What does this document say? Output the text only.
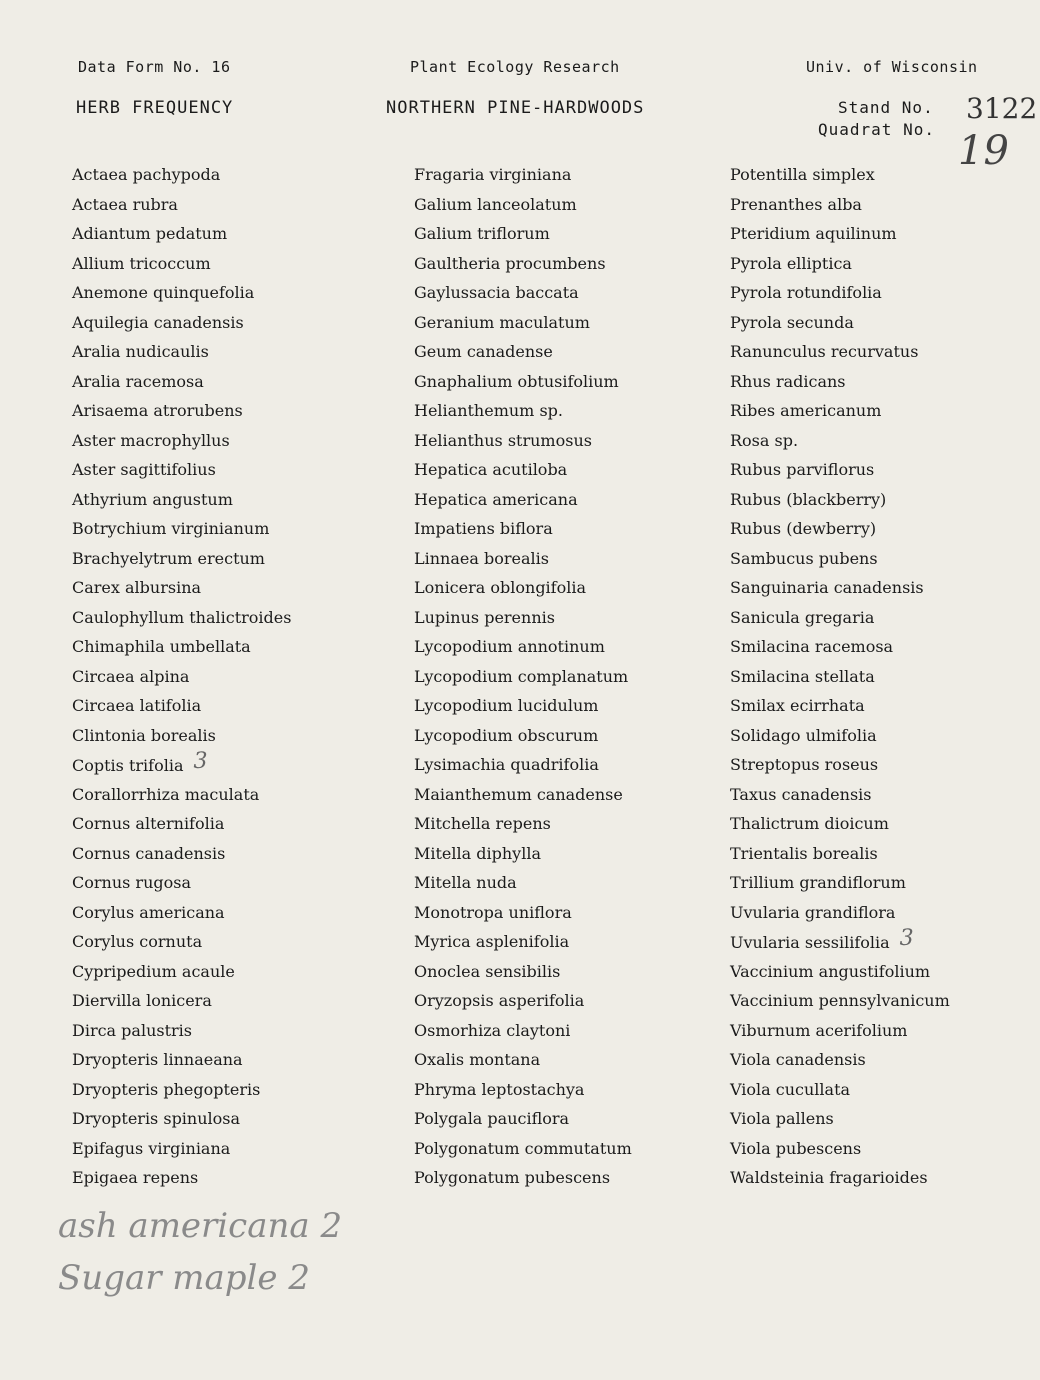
Data Form No. 16	Plant Ecology Research	Univ. of Wisconsin
HERB FREQUENCY	NORTHERN PINE-HARDWOODS	Stand No.
Quadrat No.
3122
19
Actaea pachypoda
Actaea rubra
Adiantum pedatum
Allium tricoccum
Anemone quinquefolia
Aquilegia canadensis
Aralia nudicaulis
Aralia racemosa
Arisaema atrorubens
Aster macrophyllus
Aster sagittifolius
Athyrium angustum
Botrychium virginianum
Brachyelytrum erectum
Carex albursina
Caulophyllum thalictroides
Chimaphila umbellata
Circaea alpina
Circaea latifolia
Clintonia borealis
Coptis trifolia 3
Corallorrhiza maculata
Cornus alternifolia
Cornus canadensis
Cornus rugosa
Corylus americana
Corylus cornuta
Cypripedium acaule
Diervilla lonicera
Dirca palustris
Dryopteris linnaeana
Dryopteris phegopteris
Dryopteris spinulosa
Epifagus virginiana
Epigaea repens
Fragaria virginiana
Galium lanceolatum
Galium triflorum
Gaultheria procumbens
Gaylussacia baccata
Geranium maculatum
Geum canadense
Gnaphalium obtusifolium
Helianthemum sp.
Helianthus strumosus
Hepatica acutiloba
Hepatica americana
Impatiens biflora
Linnaea borealis
Lonicera oblongifolia
Lupinus perennis
Lycopodium annotinum
Lycopodium complanatum
Lycopodium lucidulum
Lycopodium obscurum
Lysimachia quadrifolia
Maianthemum canadense
Mitchella repens
Mitella diphylla
Mitella nuda
Monotropa uniflora
Myrica asplenifolia
Onoclea sensibilis
Oryzopsis asperifolia
Osmorhiza claytoni
Oxalis montana
Phryma leptostachya
Polygala pauciflora
Polygonatum commutatum
Polygonatum pubescens
Potentilla simplex
Prenanthes alba
Pteridium aquilinum
Pyrola elliptica
Pyrola rotundifolia
Pyrola secunda
Ranunculus recurvatus
Rhus radicans
Ribes americanum
Rosa sp.
Rubus parviflorus
Rubus (blackberry)
Rubus (dewberry)
Sambucus pubens
Sanguinaria canadensis
Sanicula gregaria
Smilacina racemosa
Smilacina stellata
Smilax ecirrhata
Solidago ulmifolia
Streptopus roseus
Taxus canadensis
Thalictrum dioicum
Trientalis borealis
Trillium grandiflorum
Uvularia grandiflora
Uvularia sessilifolia 3
Vaccinium angustifolium
Vaccinium pennsylvanicum
Viburnum acerifolium
Viola canadensis
Viola cucullata
Viola pallens
Viola pubescens
Waldsteinia fragarioides
ash americana 2
Sugar maple 2
